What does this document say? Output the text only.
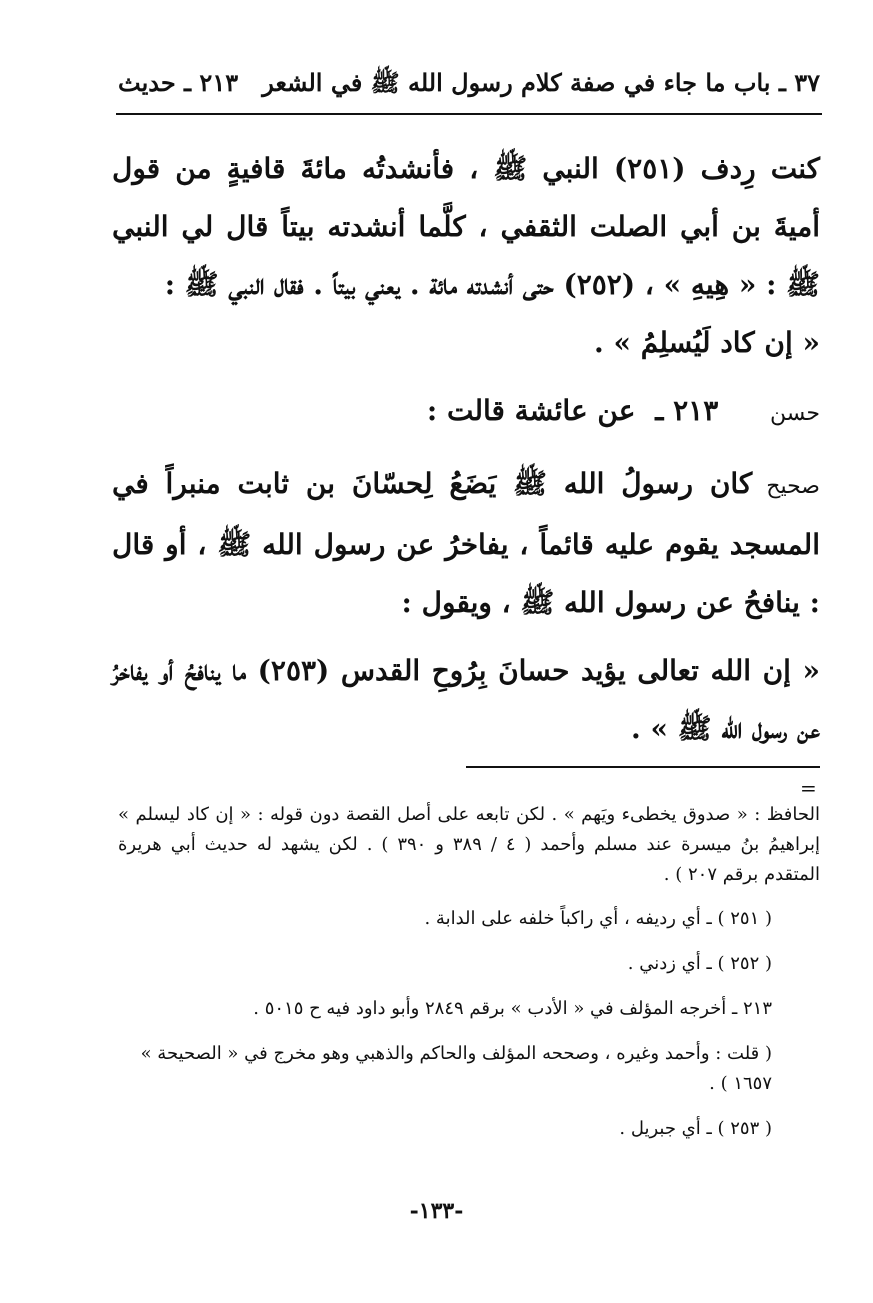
٣٧ ـ باب ما جاء في صفة كلام رسول الله ﷺ في الشعر
٢١٣ ـ حديث

كنت رِدف (٢٥١) النبي ﷺ ، فأنشدتُه مائةَ قافيةٍ من قول أميةَ بن أبي الصلت الثقفي ، كلَّما أنشدته بيتاً قال لي النبي ﷺ : « هِيهِ » ، (٢٥٢) حتى أنشدته مائة . يعني بيتاً . فقال النبي ﷺ :

« إن كاد لَيُسلِمُ » .

حسن ٢١٣ ـ عن عائشة قالت :

صحيحكان رسولُ الله ﷺ يَضَعُ لِحسّانَ بن ثابت منبراً في المسجد يقوم عليه قائماً ، يفاخرُ عن رسول الله ﷺ ، أو قال : ينافحُ عن رسول الله ﷺ ، ويقول :

« إن الله تعالى يؤيد حسانَ بِرُوحِ القدس (٢٥٣) ما ينافحُ أو يفاخرُ عن رسول الله ﷺ » .

=

الحافظ : « صدوق يخطىء ويَهم » . لكن تابعه على أصل القصة دون قوله : « إن كاد ليسلم » إبراهيمُ بنُ ميسرة عند مسلم وأحمد ( ٤ / ٣٨٩ و ٣٩٠ ) . لكن يشهد له حديث أبي هريرة المتقدم برقم ٢٠٧ ) .

( ٢٥١ ) ـ أي رديفه ، أي راكباً خلفه على الدابة .

( ٢٥٢ ) ـ أي زدني .

٢١٣ ـ أخرجه المؤلف في « الأدب » برقم ٢٨٤٩ وأبو داود فيه ح ٥٠١٥ .

( قلت : وأحمد وغيره ، وصححه المؤلف والحاكم والذهبي وهو مخرج في « الصحيحة » ١٦٥٧ ) .

( ٢٥٣ ) ـ أي جبريل .

-١٣٣-
